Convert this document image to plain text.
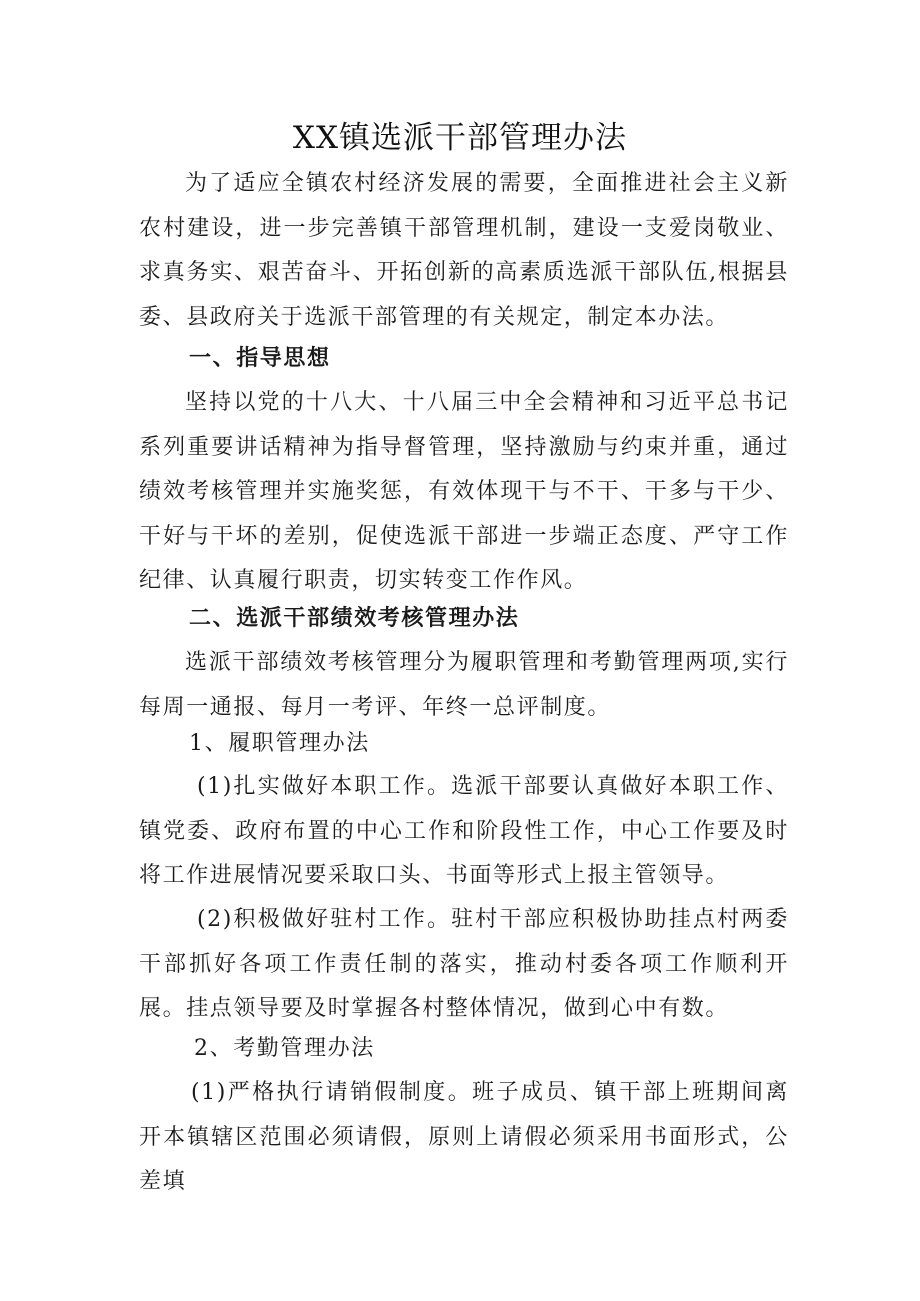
XX镇选派干部管理办法

为了适应全镇农村经济发展的需要，全面推进社会主义新农村建设，进一步完善镇干部管理机制，建设一支爱岗敬业、求真务实、艰苦奋斗、开拓创新的高素质选派干部队伍,根据县委、县政府关于选派干部管理的有关规定，制定本办法。

一、指导思想

坚持以党的十八大、十八届三中全会精神和习近平总书记系列重要讲话精神为指导督管理，坚持激励与约束并重，通过绩效考核管理并实施奖惩，有效体现干与不干、干多与干少、干好与干坏的差别，促使选派干部进一步端正态度、严守工作纪律、认真履行职责，切实转变工作作风。

二、选派干部绩效考核管理办法

选派干部绩效考核管理分为履职管理和考勤管理两项,实行每周一通报、每月一考评、年终一总评制度。

1、履职管理办法

(1)扎实做好本职工作。选派干部要认真做好本职工作、镇党委、政府布置的中心工作和阶段性工作，中心工作要及时将工作进展情况要采取口头、书面等形式上报主管领导。

(2)积极做好驻村工作。驻村干部应积极协助挂点村两委干部抓好各项工作责任制的落实，推动村委各项工作顺利开展。挂点领导要及时掌握各村整体情况，做到心中有数。

2、考勤管理办法

(1)严格执行请销假制度。班子成员、镇干部上班期间离开本镇辖区范围必须请假，原则上请假必须采用书面形式，公差填
